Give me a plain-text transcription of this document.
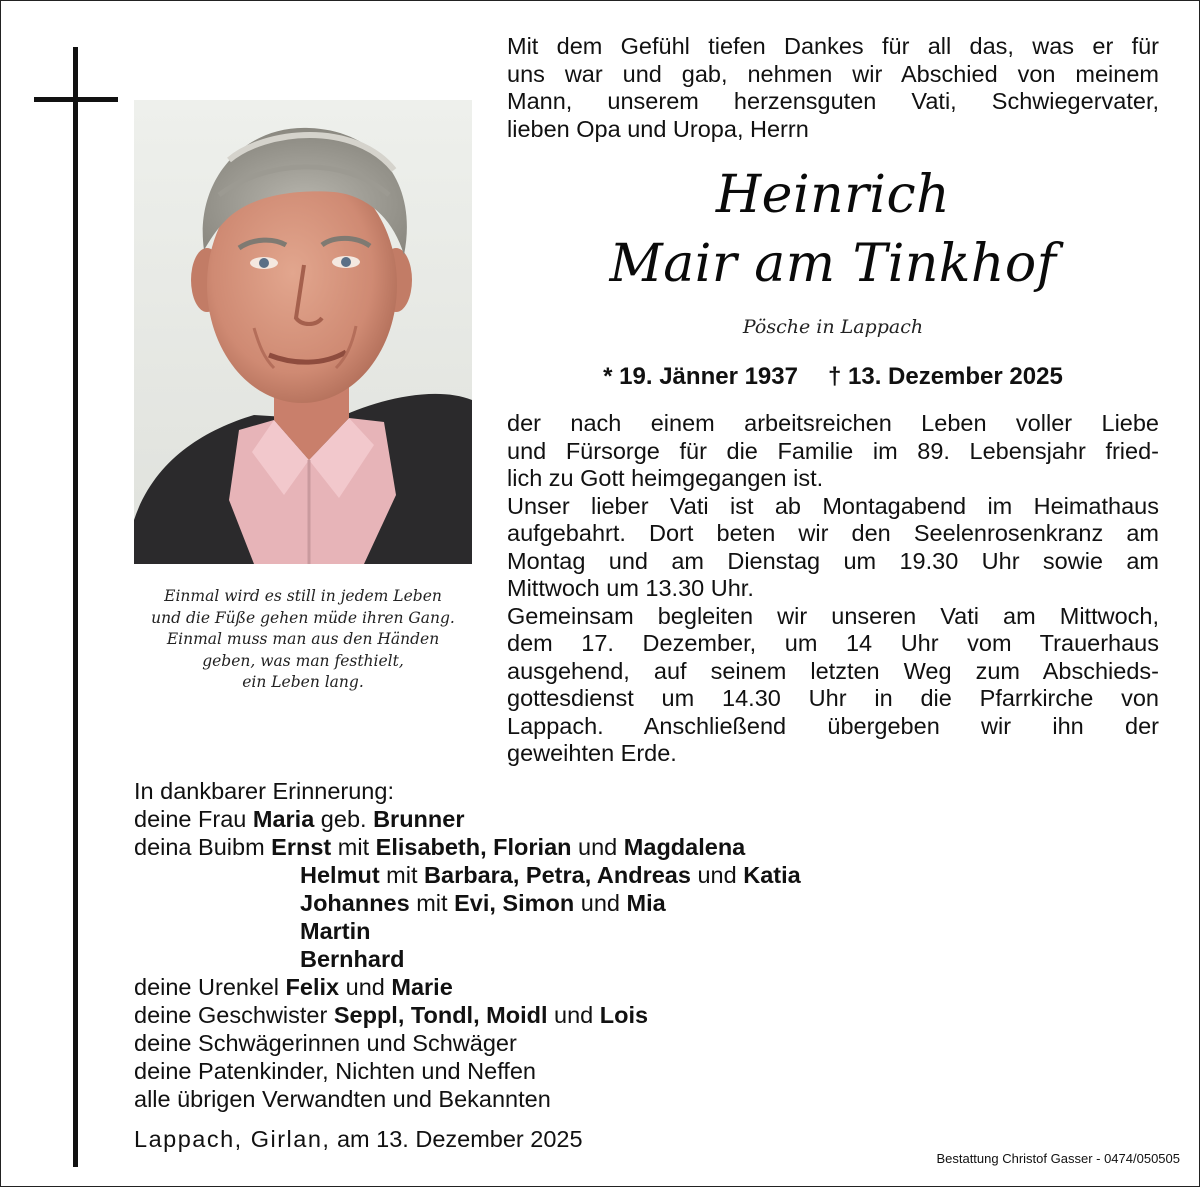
Einmal wird es still in jedem Leben
und die Füße gehen müde ihren Gang.
Einmal muss man aus den Händen
geben, was man festhielt,
ein Leben lang.
Mit dem Gefühl tiefen Dankes für all das, was er für
uns war und gab, nehmen wir Abschied von meinem
Mann, unserem herzensguten Vati, Schwiegervater,
lieben Opa und Uropa, Herrn
Heinrich
Mair am Tinkhof
Pösche in Lappach
* 19. Jänner 1937 † 13. Dezember 2025
der nach einem arbeitsreichen Leben voller Liebe
und Fürsorge für die Familie im 89. Lebensjahr fried-
lich zu Gott heimgegangen ist.
Unser lieber Vati ist ab Montagabend im Heimathaus
aufgebahrt. Dort beten wir den Seelenrosenkranz am
Montag und am Dienstag um 19.30 Uhr sowie am
Mittwoch um 13.30 Uhr.
Gemeinsam begleiten wir unseren Vati am Mittwoch,
dem 17. Dezember, um 14 Uhr vom Trauerhaus
ausgehend, auf seinem letzten Weg zum Abschieds-
gottesdienst um 14.30 Uhr in die Pfarrkirche von
Lappach. Anschließend übergeben wir ihn der
geweihten Erde.
In dankbarer Erinnerung:
deine Frau Maria geb. Brunner
deina Buibm Ernst mit Elisabeth, Florian und Magdalena
Helmut mit Barbara, Petra, Andreas und Katia
Johannes mit Evi, Simon und Mia
Martin
Bernhard
deine Urenkel Felix und Marie
deine Geschwister Seppl, Tondl, Moidl und Lois
deine Schwägerinnen und Schwäger
deine Patenkinder, Nichten und Neffen
alle übrigen Verwandten und Bekannten
Lappach, Girlan, am 13. Dezember 2025
Bestattung Christof Gasser - 0474/050505
